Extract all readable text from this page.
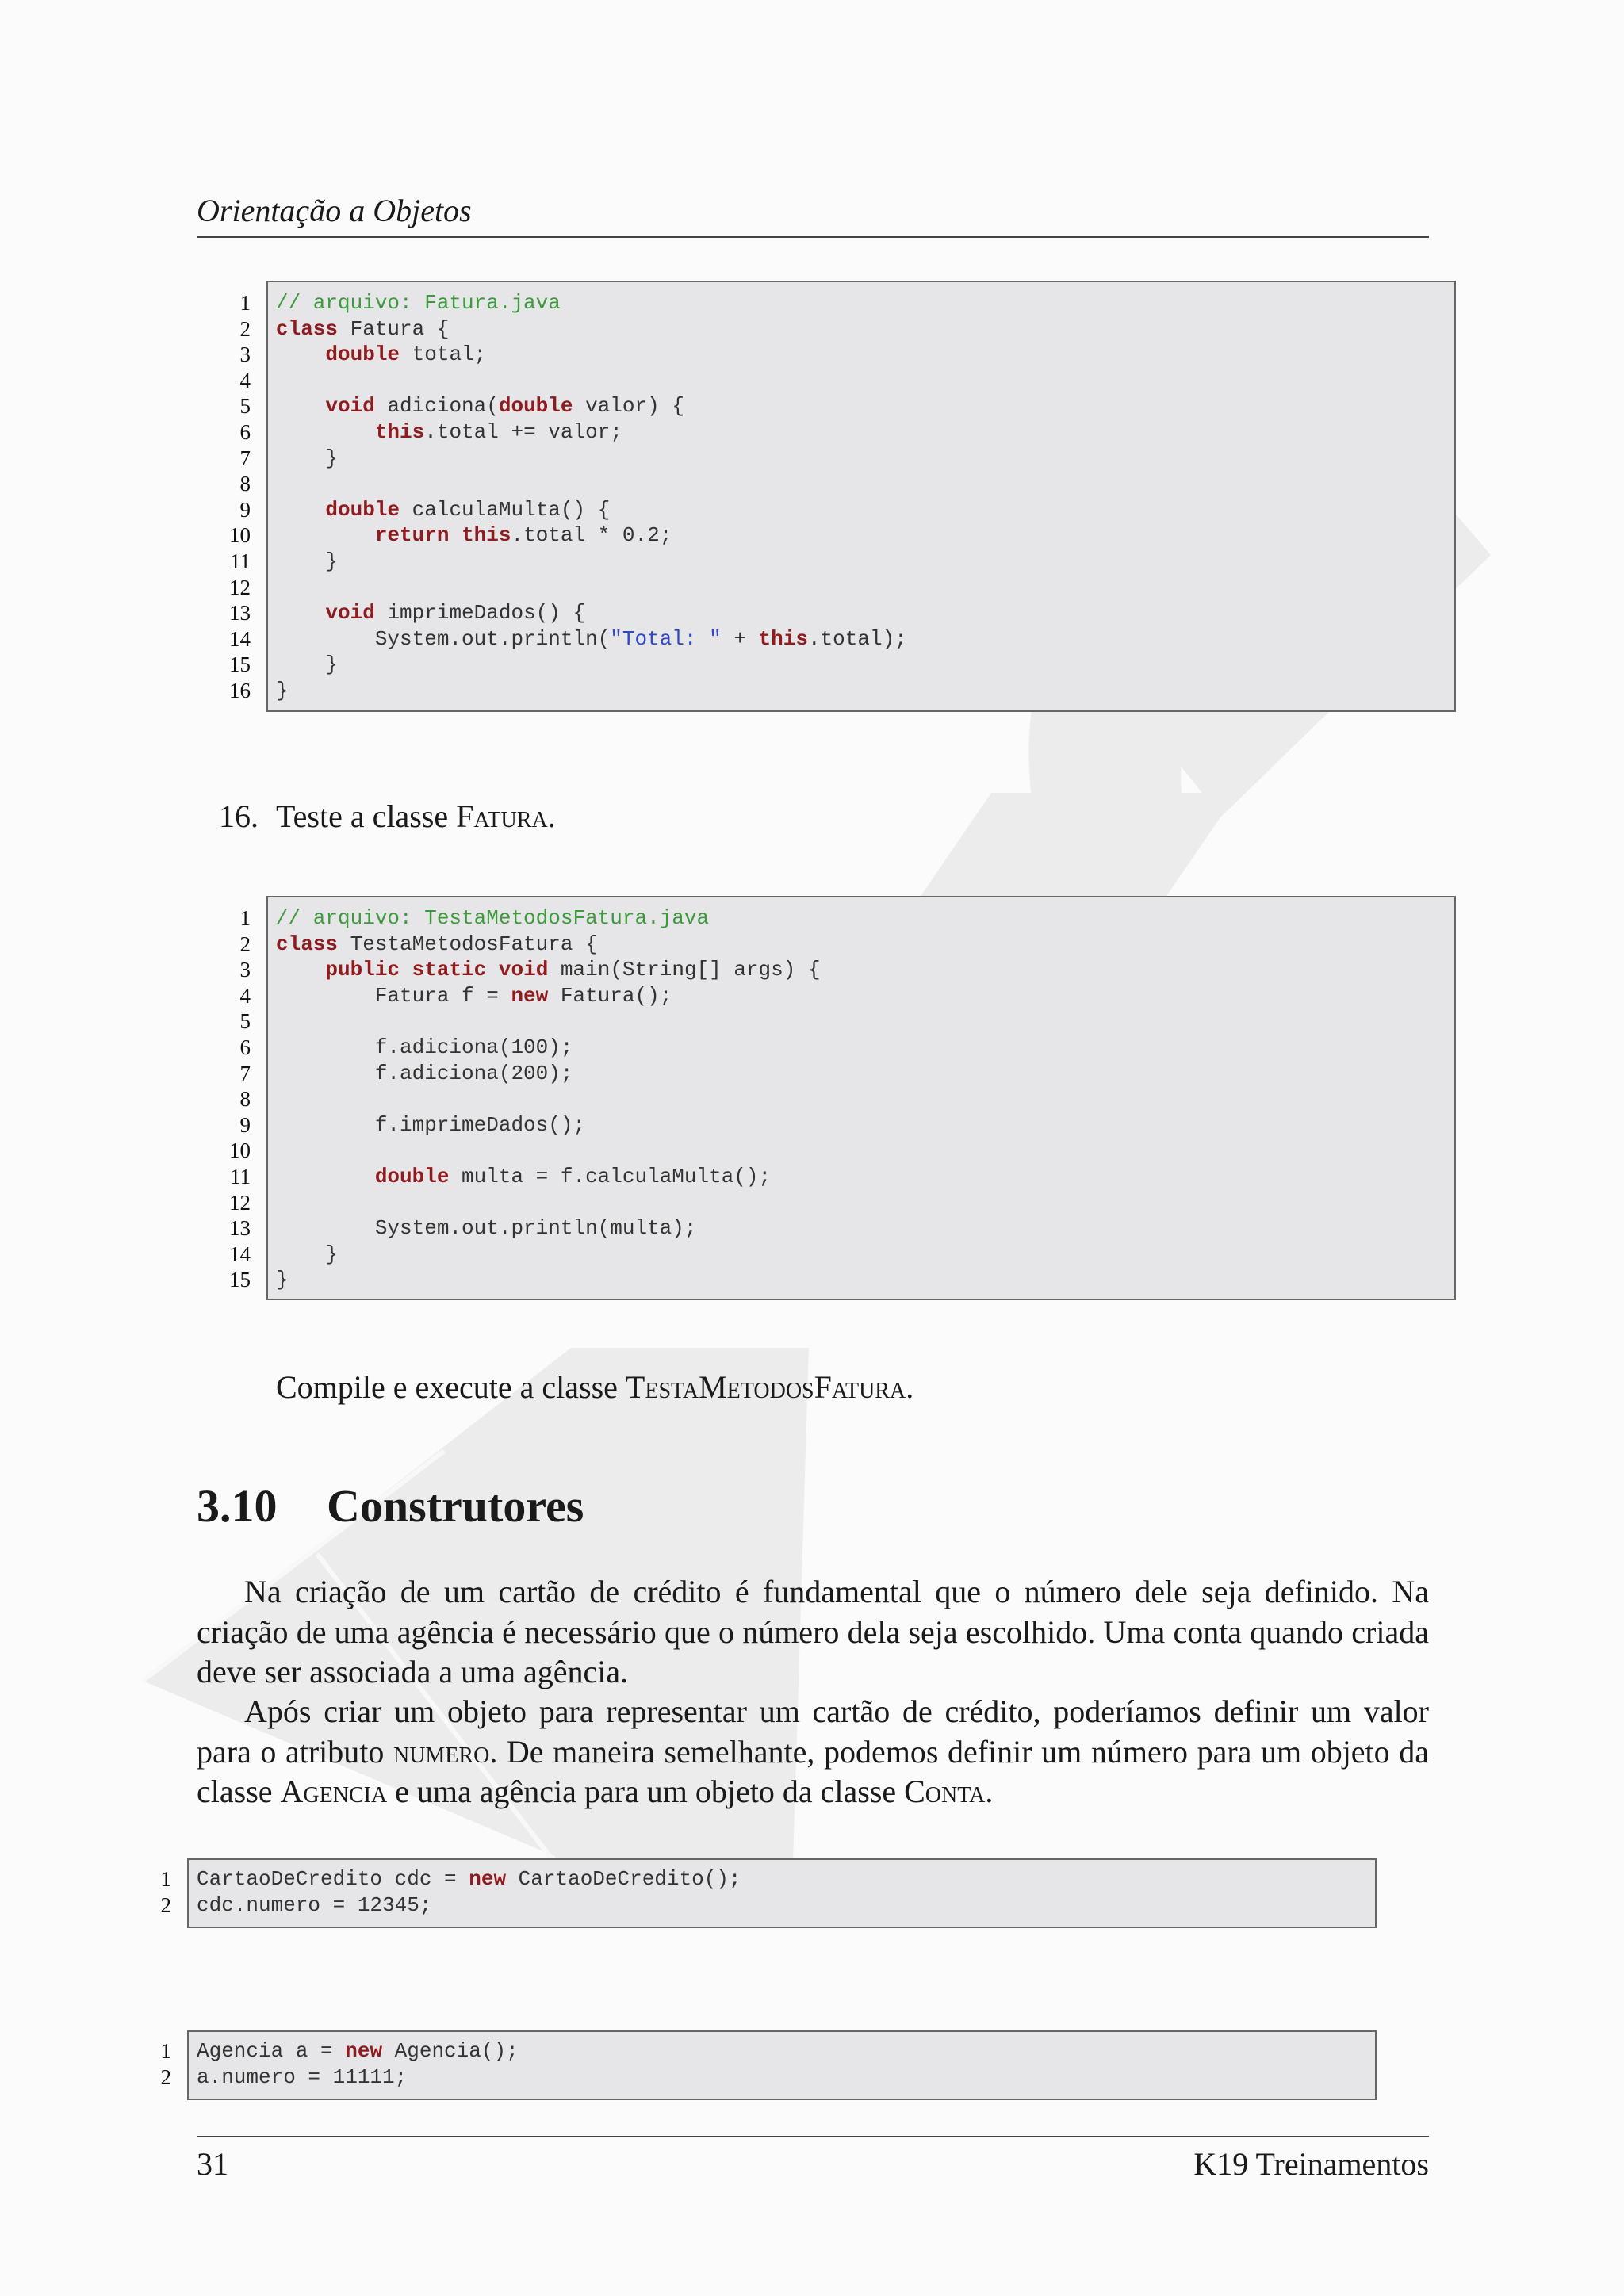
Orientação a Objetos
1
2
3
4
5
6
7
8
9
10
11
12
13
14
15
16
// arquivo: Fatura.java
class Fatura {
double total;
void adiciona(double valor) {
this.total += valor;
}
double calculaMulta() {
return this.total * 0.2;
}
void imprimeDados() {
System.out.println("Total: " + this.total);
}
}
16. Teste a classe Fatura.
1
2
3
4
5
6
7
8
9
10
11
12
13
14
15
// arquivo: TestaMetodosFatura.java
class TestaMetodosFatura {
public static void main(String[] args) {
Fatura f = new Fatura();
f.adiciona(100);
f.adiciona(200);
f.imprimeDados();
double multa = f.calculaMulta();
System.out.println(multa);
}
}
Compile e execute a classe TestaMetodosFatura.
3.10 Construtores
Na criação de um cartão de crédito é fundamental que o número dele seja definido. Na criação de uma agência é necessário que o número dela seja escolhido. Uma conta quando criada deve ser associada a uma agência.
Após criar um objeto para representar um cartão de crédito, poderíamos definir um valor para o atributo numero. De maneira semelhante, podemos definir um número para um objeto da classe Agencia e uma agência para um objeto da classe Conta.
1
2
CartaoDeCredito cdc = new CartaoDeCredito();
cdc.numero = 12345;
1
2
Agencia a = new Agencia();
a.numero = 11111;
31	K19 Treinamentos
